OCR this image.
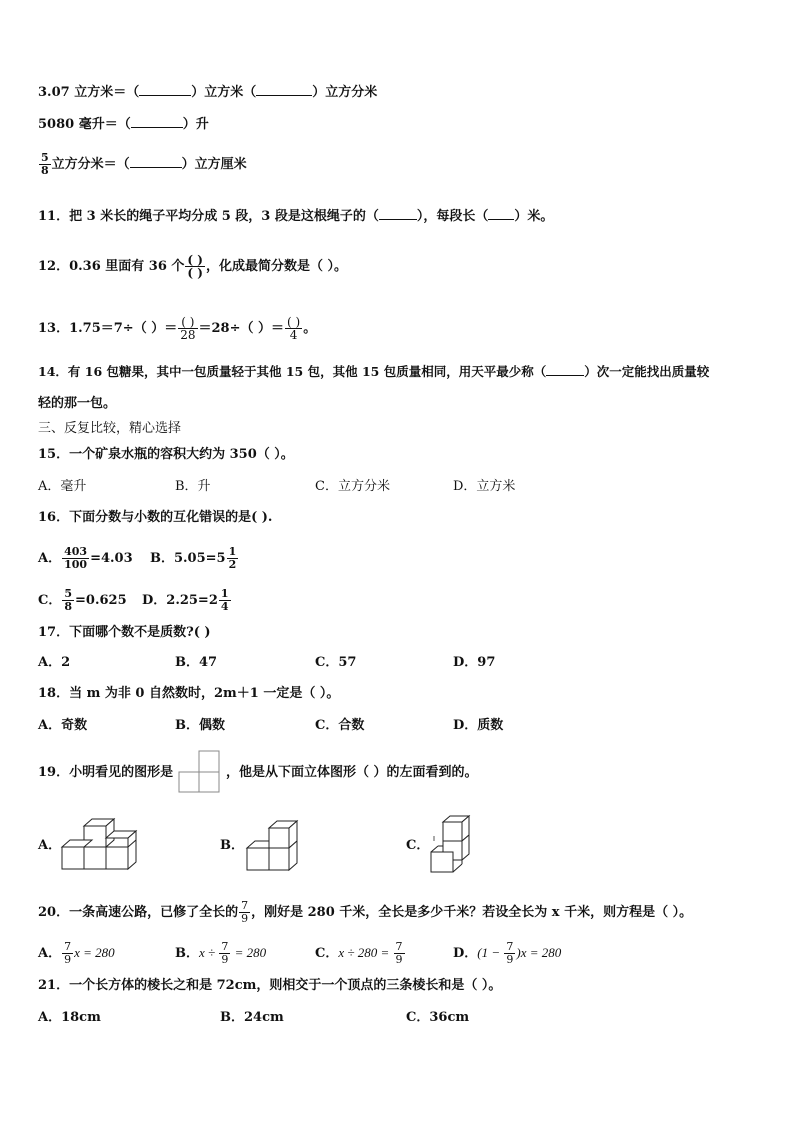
3.07 立方米＝（	）立方米（	）立方分米
5080 毫升＝（	）升
$\frac{5}{8}$ 立方分米＝（	）立方厘米
11．把 3 米长的绳子平均分成 5 段，3 段是这根绳子的（	），每段长（ ）米。
12．0.36 里面有 36 个 $\frac{( )}{( )}$ ，化成最简分数是（ ）。
13．1.75＝7÷（ ）＝ $\frac{( )}{28} =28\div$（ ）＝ $\frac{( )}{4}$ 。
14．有 16 包糖果，其中一包质量轻于其他 15 包，其他 15 包质量相同，用天平最少称（	）次一定能找出质量较
轻的那一包。
三、反复比较，精心选择
15．一个矿泉水瓶的容积大约为 350（ ）。
A．毫升	B．升	C．立方分米	D．立方米
16．下面分数与小数的互化错误的是( ).
A． $\frac{403}{100} =4.03$ B．$5.05=5 \frac{1}{2}$
C． $\frac{5}{8} =0.625$ D．$2.25=2 \frac{1}{4}$
17．下面哪个数不是质数?( )
A．2	B．47	C．57	D．97
18．当 m 为非 0 自然数时，2m＋1 一定是（ ）。
A．奇数	B．偶数	C．合数	D．质数
19．小明看见的图形是	，他是从下面立体图形（ ）的左面看到的。
A．	B．	C．
20．一条高速公路，已修了全长的 $\frac{7}{9}$ ，刚好是 280 千米，全长是多少千米？若设全长为 x 千米，则方程是（ ）。
A． $\frac{7}{9}$ x = 280	B．$x \div \frac{7}{9} = 280$	C．$x \div 280 = \frac{7}{9}$	D．$(1 - \frac{7}{9} )x = 280$
21．一个长方体的棱长之和是 72cm，则相交于一个顶点的三条棱长和是（ ）。
A．18cm	B．24cm	C．36cm
